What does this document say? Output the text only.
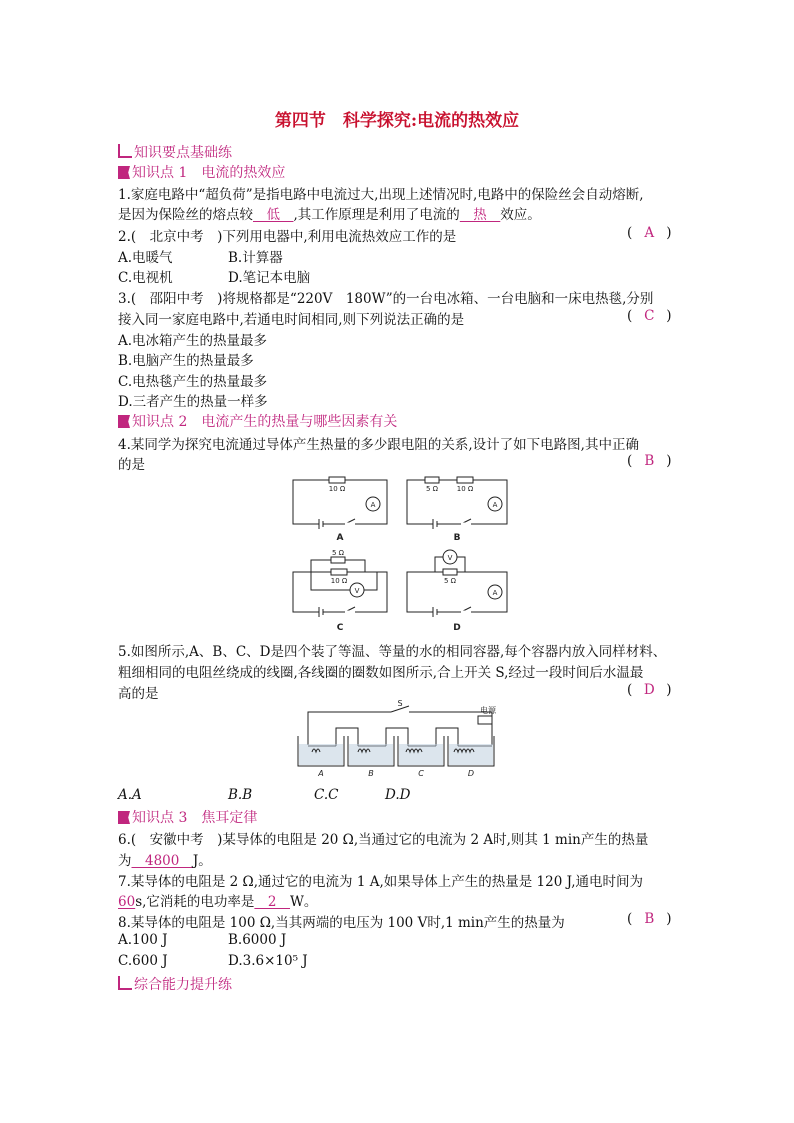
第四节　科学探究:电流的热效应
知识要点基础练
知识点 1　电流的热效应
1.家庭电路中“超负荷”是指电路中电流过大,出现上述情况时,电路中的保险丝会自动熔断,
是因为保险丝的熔点较　低　,其工作原理是利用了电流的　热　效应。
2.(　北京中考　)下列用电器中,利用电流热效应工作的是	( A )
A.电暖气	B.计算器
C.电视机	D.笔记本电脑
3.(　邵阳中考　)将规格都是“220V　180W”的一台电冰箱、一台电脑和一床电热毯,分别
接入同一家庭电路中,若通电时间相同,则下列说法正确的是	( C )
A.电冰箱产生的热量最多
B.电脑产生的热量最多
C.电热毯产生的热量最多
D.三者产生的热量一样多
知识点 2　电流产生的热量与哪些因素有关
4.某同学为探究电流通过导体产生热量的多少跟电阻的关系,设计了如下电路图,其中正确
的是	( B )
10 Ω
A
5 Ω	10 Ω
A
5 Ω
10 Ω
V
V
5 Ω
A
A	B
C	D
5.如图所示,A、B、C、D是四个装了等温、等量的水的相同容器,每个容器内放入同样材料、
粗细相同的电阻丝绕成的线圈,各线圈的圈数如图所示,合上开关 S,经过一段时间后水温最
高的是	( D )
S
电源
A	B	C	D
A.A	B.B	C.C	D.D
知识点 3　焦耳定律
6.(　安徽中考　)某导体的电阻是 20 Ω,当通过它的电流为 2 A时,则其 1 min产生的热量
为　4800　J。
7.某导体的电阻是 2 Ω,通过它的电流为 1 A,如果导体上产生的热量是 120 J,通电时间为
60s,它消耗的电功率是　2　W。
8.某导体的电阻是 100 Ω,当其两端的电压为 100 V时,1 min产生的热量为	( B )
A.100 J	B.6000 J
C.600 J	D.3.6×10⁵ J
综合能力提升练
